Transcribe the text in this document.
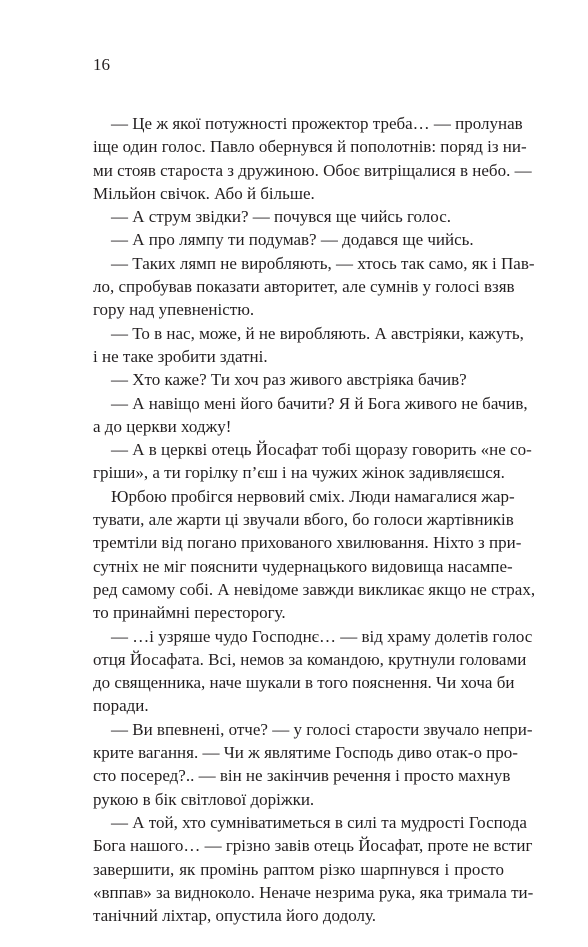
16
— Це ж якої потужності прожектор треба… — пролунав
іще один голос. Павло обернувся й пополотнів: поряд із ни-
ми стояв староста з дружиною. Обоє витріщалися в небо. —
Мільйон свічок. Або й більше.
— А струм звідки? — почувся ще чийсь голос.
— А про лямпу ти подумав? — додався ще чийсь.
— Таких лямп не виробляють, — хтось так само, як і Пав-
ло, спробував показати авторитет, але сумнів у голосі взяв
гору над упевненістю.
— То в нас, може, й не виробляють. А австріяки, кажуть,
і не таке зробити здатні.
— Хто каже? Ти хоч раз живого австріяка бачив?
— А навіщо мені його бачити? Я й Бога живого не бачив,
а до церкви ходжу!
— А в церкві отець Йосафат тобі щоразу говорить «не со-
гріши», а ти горілку п’єш і на чужих жінок задивляєшся.
Юрбою пробігся нервовий сміх. Люди намагалися жар-
тувати, але жарти ці звучали вбого, бо голоси жартівників
тремтіли від погано прихованого хвилювання. Ніхто з при-
сутніх не міг пояснити чудернацького видовища насампе-
ред самому собі. А невідоме завжди викликає якщо не страх,
то принаймні пересторогу.
— …і узряше чудо Господнє… — від храму долетів голос
отця Йосафата. Всі, немов за командою, крутнули головами
до священника, наче шукали в того пояснення. Чи хоча би
поради.
— Ви впевнені, отче? — у голосі старости звучало непри-
крите вагання. — Чи ж являтиме Господь диво отак-о про-
сто посеред?.. — він не закінчив речення і просто махнув
рукою в бік світлової доріжки.
— А той, хто сумніватиметься в силі та мудрості Господа
Бога нашого… — грізно завів отець Йосафат, проте не встиг
завершити, як промінь раптом різко шарпнувся і просто
«вппав» за видноколо. Неначе незрима рука, яка тримала ти-
танічний ліхтар, опустила його додолу.
